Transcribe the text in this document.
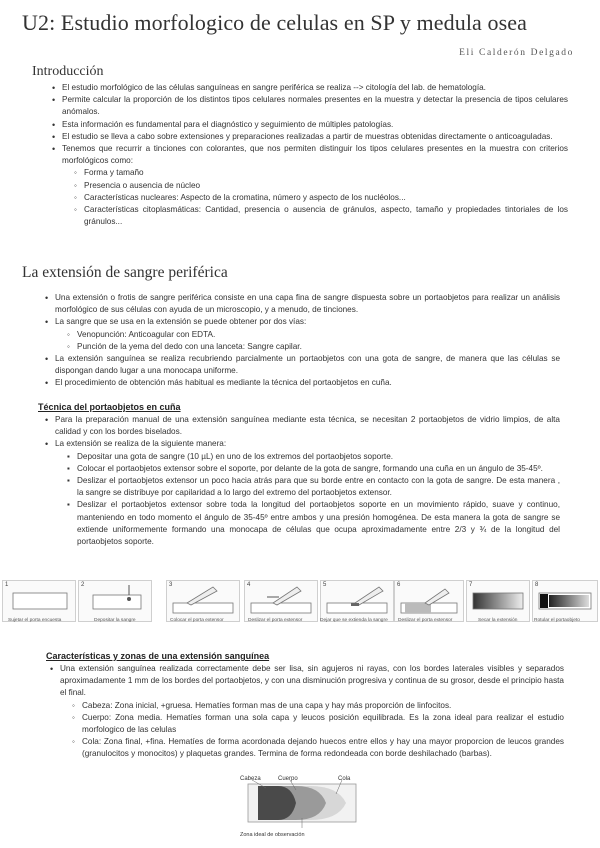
U2: Estudio morfologico de celulas en SP y medula osea
Eli Calderón Delgado
Introducción
• El estudio morfológico de las células sanguíneas en sangre periférica se realiza --> citología del lab. de hematología.
• Permite calcular la proporción de los distintos tipos celulares normales presentes en la muestra y detectar la presencia de tipos celulares anómalos.
• Esta información es fundamental para el diagnóstico y seguimiento de múltiples patologías.
• El estudio se lleva a cabo sobre extensiones y preparaciones realizadas a partir de muestras obtenidas directamente o anticoaguladas.
• Tenemos que recurrir a tinciones con colorantes, que nos permiten distinguir los tipos celulares presentes en la muestra con criterios morfológicos como:
◦ Forma y tamaño
◦ Presencia o ausencia de núcleo
◦ Características nucleares: Aspecto de la cromatina, número y aspecto de los nucléolos...
◦ Características citoplasmáticas: Cantidad, presencia o ausencia de gránulos, aspecto, tamaño y propiedades tintoriales de los gránulos...
La extensión de sangre periférica
• Una extensión o frotis de sangre periférica consiste en una capa fina de sangre dispuesta sobre un portaobjetos para realizar un análisis morfológico de sus células con ayuda de un microscopio, y a menudo, de tinciones.
• La sangre que se usa en la extensión se puede obtener por dos vías:
◦ Venopunción: Anticoagular con EDTA.
◦ Punción de la yema del dedo con una lanceta: Sangre capilar.
• La extensión sanguínea se realiza recubriendo parcialmente un portaobjetos con una gota de sangre, de manera que las células se dispongan dando lugar a una monocapa uniforme.
• El procedimiento de obtención más habitual es mediante la técnica del portaobjetos en cuña.
Técnica del portaobjetos en cuña
• Para la preparación manual de una extensión sanguínea mediante esta técnica, se necesitan 2 portaobjetos de vidrio limpios, de alta calidad y con los bordes biselados.
• La extensión se realiza de la siguiente manera:
▪ Depositar una gota de sangre (10 µL) en uno de los extremos del portaobjetos soporte.
▪ Colocar el portaobjetos extensor sobre el soporte, por delante de la gota de sangre, formando una cuña en un ángulo de 35-45º.
▪ Deslizar el portaobjetos extensor un poco hacia atrás para que su borde entre en contacto con la gota de sangre. De esta manera , la sangre se distribuye por capilaridad a lo largo del extremo del portaobjetos extensor.
▪ Deslizar el portaobjetos extensor sobre toda la longitud del portaobjetos soporte en un movimiento rápido, suave y continuo, manteniendo en todo momento el ángulo de 35-45º entre ambos y una presión homogénea. De esta manera la gota de sangre se extiende uniformemente formando una monocapa de células que ocupa aproximadamente entre 2/3 y ¾ de la longitud del portaobjetos soporte.
1
Sujetar el porta encuesta
2
Depositar la sangre
3
Colocar el porta extensor
4
Deslizar el porta extensor
5
Dejar que se extienda la sangre
6
Deslizar el porta extensor
7
Secar la extensión
8
Rotular el portaobjeto
Características y zonas de una extensión sanguínea
• Una extensión sanguínea realizada correctamente debe ser lisa, sin agujeros ni rayas, con los bordes laterales visibles y separados aproximadamente 1 mm de los bordes del portaobjetos, y con una disminución progresiva y continua de su grosor, desde el principio hasta el final.
◦ Cabeza: Zona inicial, +gruesa. Hematíes forman mas de una capa y hay más proporción de linfocitos.
◦ Cuerpo: Zona media. Hematíes forman una sola capa y leucos posición equilibrada. Es la zona ideal para realizar el estudio morfologico de las celulas
◦ Cola: Zona final, +fina. Hematíes de forma acordonada dejando huecos entre ellos y hay una mayor proporcion de leucos grandes (granulocitos y monocitos) y plaquetas grandes. Termina de forma redondeada con borde deshilachado (barbas).
Cabeza	Cuerpo	Cola
Zona ideal de observación
